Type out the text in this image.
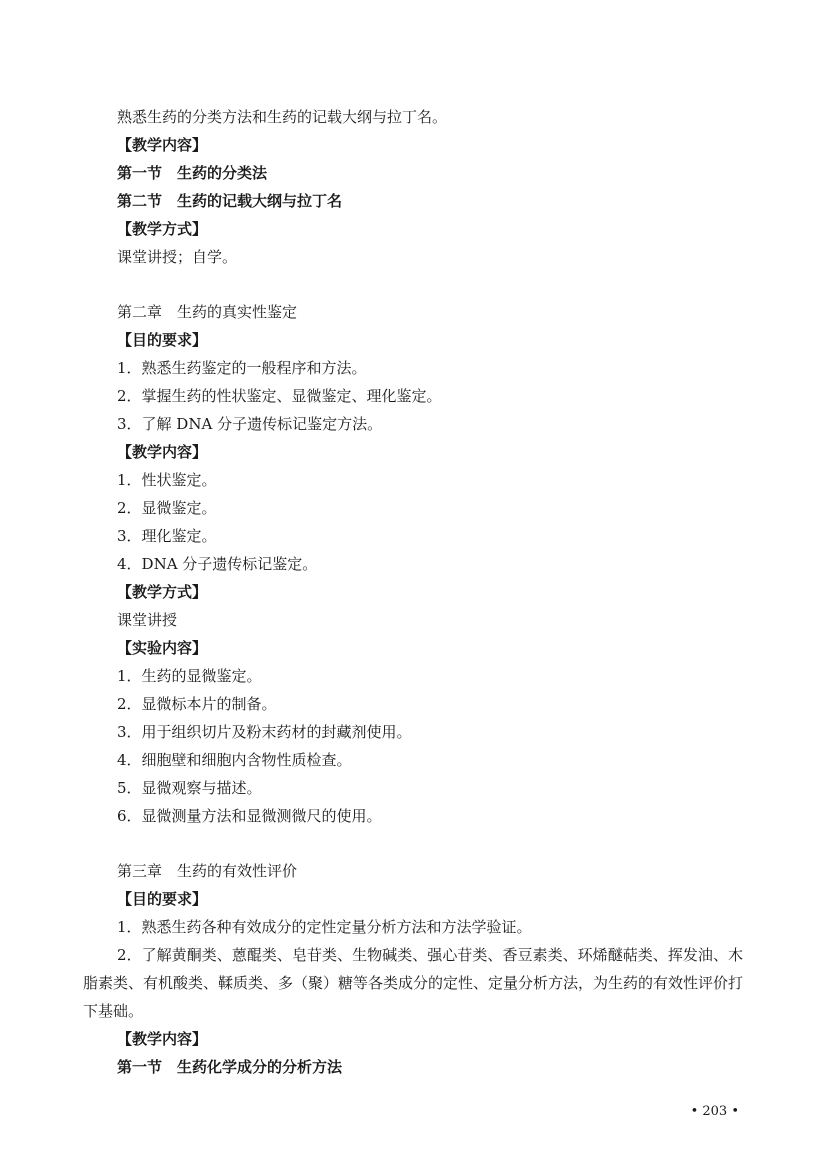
熟悉生药的分类方法和生药的记载大纲与拉丁名。
【教学内容】
第一节　生药的分类法
第二节　生药的记载大纲与拉丁名
【教学方式】
课堂讲授；自学。
第二章　生药的真实性鉴定
【目的要求】
1．熟悉生药鉴定的一般程序和方法。
2．掌握生药的性状鉴定、显微鉴定、理化鉴定。
3．了解 DNA 分子遗传标记鉴定方法。
【教学内容】
1．性状鉴定。
2．显微鉴定。
3．理化鉴定。
4．DNA 分子遗传标记鉴定。
【教学方式】
课堂讲授
【实验内容】
1．生药的显微鉴定。
2．显微标本片的制备。
3．用于组织切片及粉末药材的封藏剂使用。
4．细胞壁和细胞内含物性质检查。
5．显微观察与描述。
6．显微测量方法和显微测微尺的使用。
第三章　生药的有效性评价
【目的要求】
1．熟悉生药各种有效成分的定性定量分析方法和方法学验证。
2．了解黄酮类、蒽醌类、皂苷类、生物碱类、强心苷类、香豆素类、环烯醚萜类、挥发油、木脂素类、有机酸类、鞣质类、多（聚）糖等各类成分的定性、定量分析方法，为生药的有效性评价打下基础。
【教学内容】
第一节　生药化学成分的分析方法
• 203 •
